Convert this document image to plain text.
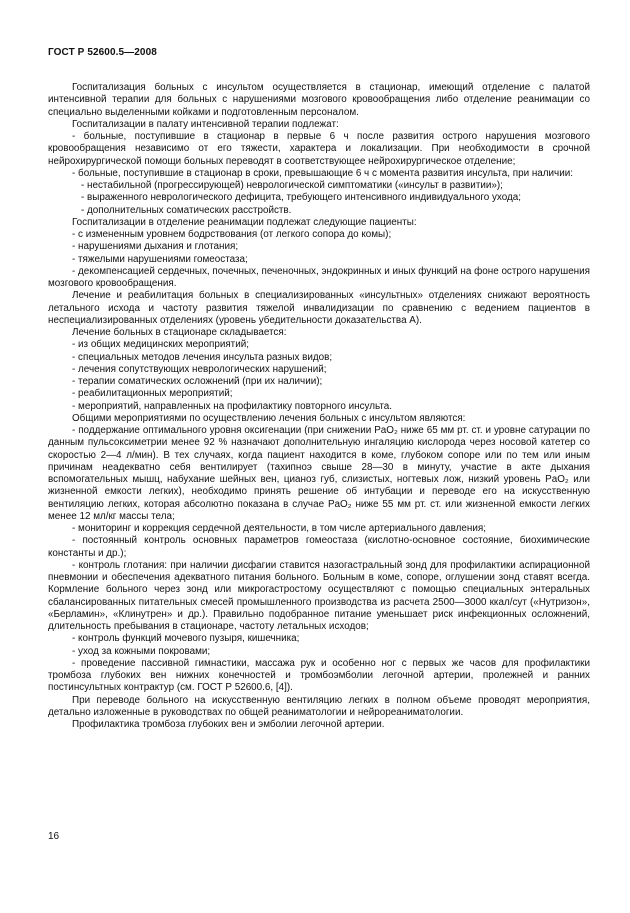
ГОСТ Р 52600.5—2008

Госпитализация больных с инсультом осуществляется в стационар, имеющий отделение с палатой интенсивной терапии для больных с нарушениями мозгового кровообращения либо отделение реанимации со специально выделенными койками и подготовленным персоналом.

Госпитализации в палату интенсивной терапии подлежат:

- больные, поступившие в стационар в первые 6 ч после развития острого нарушения мозгового кровообращения независимо от его тяжести, характера и локализации. При необходимости в срочной нейрохирургической помощи больных переводят в соответствующее нейрохирургическое отделение;

- больные, поступившие в стационар в сроки, превышающие 6 ч с момента развития инсульта, при наличии:

- нестабильной (прогрессирующей) неврологической симптоматики («инсульт в развитии»);

- выраженного неврологического дефицита, требующего интенсивного индивидуального ухода;

- дополнительных соматических расстройств.

Госпитализации в отделение реанимации подлежат следующие пациенты:

- с измененным уровнем бодрствования (от легкого сопора до комы);

- нарушениями дыхания и глотания;

- тяжелыми нарушениями гомеостаза;

- декомпенсацией сердечных, почечных, печеночных, эндокринных и иных функций на фоне острого нарушения мозгового кровообращения.

Лечение и реабилитация больных в специализированных «инсультных» отделениях снижают вероятность летального исхода и частоту развития тяжелой инвалидизации по сравнению с ведением пациентов в неспециализированных отделениях (уровень убедительности доказательства А).

Лечение больных в стационаре складывается:

- из общих медицинских мероприятий;

- специальных методов лечения инсульта разных видов;

- лечения сопутствующих неврологических нарушений;

- терапии соматических осложнений (при их наличии);

- реабилитационных мероприятий;

- мероприятий, направленных на профилактику повторного инсульта.

Общими мероприятиями по осуществлению лечения больных с инсультом являются:

- поддержание оптимального уровня оксигенации (при снижении PaO₂ ниже 65 мм рт. ст. и уровне сатурации по данным пульсоксиметрии менее 92 % назначают дополнительную ингаляцию кислорода через носовой катетер со скоростью 2—4 л/мин). В тех случаях, когда пациент находится в коме, глубоком сопоре или по тем или иным причинам неадекватно себя вентилирует (тахипноэ свыше 28—30 в минуту, участие в акте дыхания вспомогательных мышц, набухание шейных вен, цианоз губ, слизистых, ногтевых лож, низкий уровень PaO₂ или жизненной емкости легких), необходимо принять решение об интубации и переводе его на искусственную вентиляцию легких, которая абсолютно показана в случае PaO₂ ниже 55 мм рт. ст. или жизненной емкости легких менее 12 мл/кг массы тела;

- мониторинг и коррекция сердечной деятельности, в том числе артериального давления;

- постоянный контроль основных параметров гомеостаза (кислотно-основное состояние, биохимические константы и др.);

- контроль глотания: при наличии дисфагии ставится назогастральный зонд для профилактики аспирационной пневмонии и обеспечения адекватного питания больного. Больным в коме, сопоре, оглушении зонд ставят всегда. Кормление больного через зонд или микрогастростому осуществляют с помощью специальных энтеральных сбалансированных питательных смесей промышленного производства из расчета 2500—3000 ккал/сут («Нутризон», «Берламин», «Клинутрен» и др.). Правильно подобранное питание уменьшает риск инфекционных осложнений, длительность пребывания в стационаре, частоту летальных исходов;

- контроль функций мочевого пузыря, кишечника;

- уход за кожными покровами;

- проведение пассивной гимнастики, массажа рук и особенно ног с первых же часов для профилактики тромбоза глубоких вен нижних конечностей и тромбоэмболии легочной артерии, пролежней и ранних постинсультных контрактур (см. ГОСТ Р 52600.6, [4]).

При переводе больного на искусственную вентиляцию легких в полном объеме проводят мероприятия, детально изложенные в руководствах по общей реаниматологии и нейрореаниматологии.

Профилактика тромбоза глубоких вен и эмболии легочной артерии.

16
